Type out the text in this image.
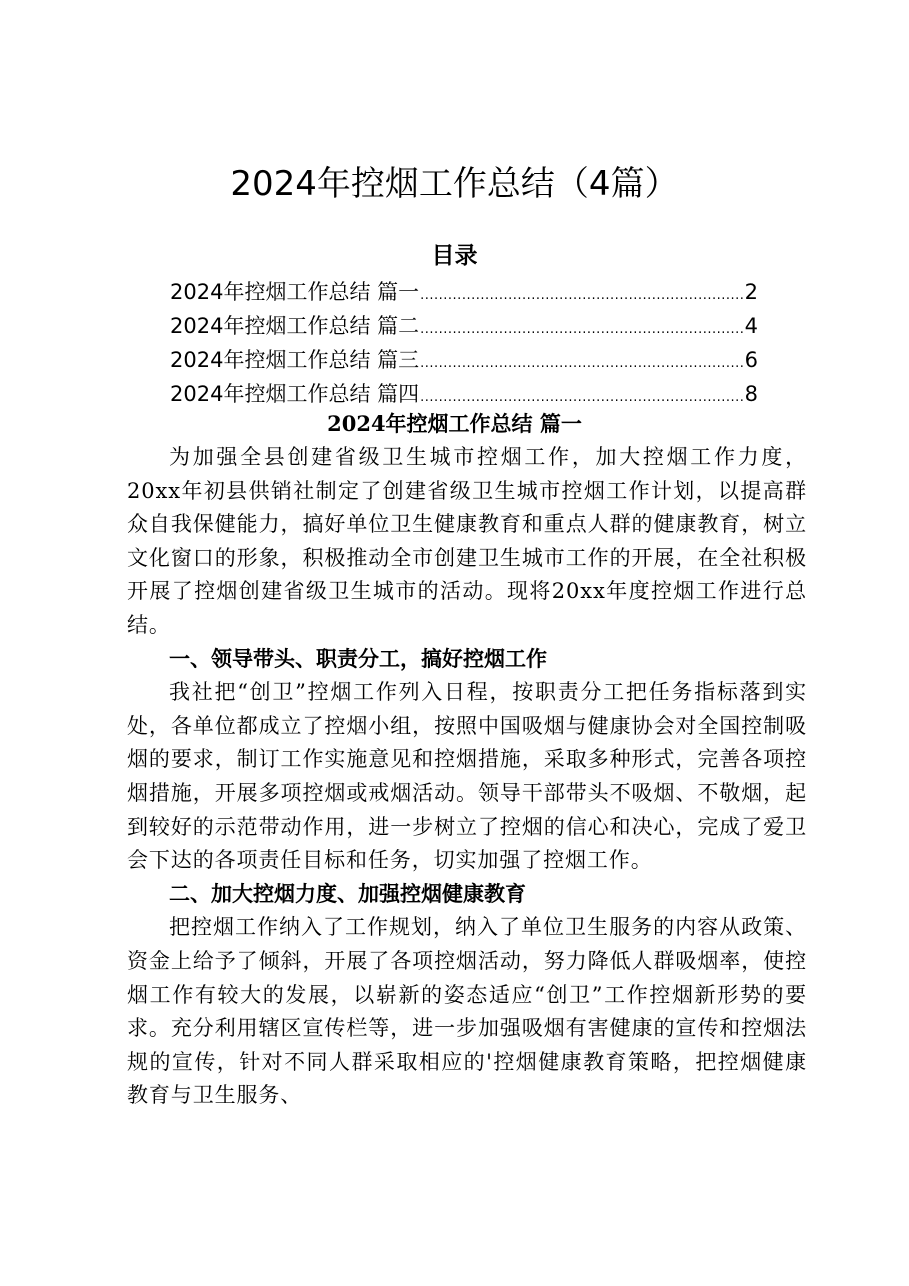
2024年控烟工作总结（4篇）
目录
2024年控烟工作总结 篇一 .....	2
2024年控烟工作总结 篇二 .....	4
2024年控烟工作总结 篇三 .....	6
2024年控烟工作总结 篇四 .....	8
2024年控烟工作总结 篇一

为加强全县创建省级卫生城市控烟工作，加大控烟工作力度，20xx年初县供销社制定了创建省级卫生城市控烟工作计划，以提高群众自我保健能力，搞好单位卫生健康教育和重点人群的健康教育，树立文化窗口的形象，积极推动全市创建卫生城市工作的开展，在全社积极开展了控烟创建省级卫生城市的活动。现将20xx年度控烟工作进行总结。

一、领导带头、职责分工，搞好控烟工作

我社把“创卫”控烟工作列入日程，按职责分工把任务指标落到实处，各单位都成立了控烟小组，按照中国吸烟与健康协会对全国控制吸烟的要求，制订工作实施意见和控烟措施，采取多种形式，完善各项控烟措施，开展多项控烟或戒烟活动。领导干部带头不吸烟、不敬烟，起到较好的示范带动作用，进一步树立了控烟的信心和决心，完成了爱卫会下达的各项责任目标和任务，切实加强了控烟工作。

二、加大控烟力度、加强控烟健康教育

把控烟工作纳入了工作规划，纳入了单位卫生服务的内容从政策、资金上给予了倾斜，开展了各项控烟活动，努力降低人群吸烟率，使控烟工作有较大的发展，以崭新的姿态适应“创卫”工作控烟新形势的要求。充分利用辖区宣传栏等，进一步加强吸烟有害健康的宣传和控烟法规的宣传，针对不同人群采取相应的'控烟健康教育策略，把控烟健康教育与卫生服务、
